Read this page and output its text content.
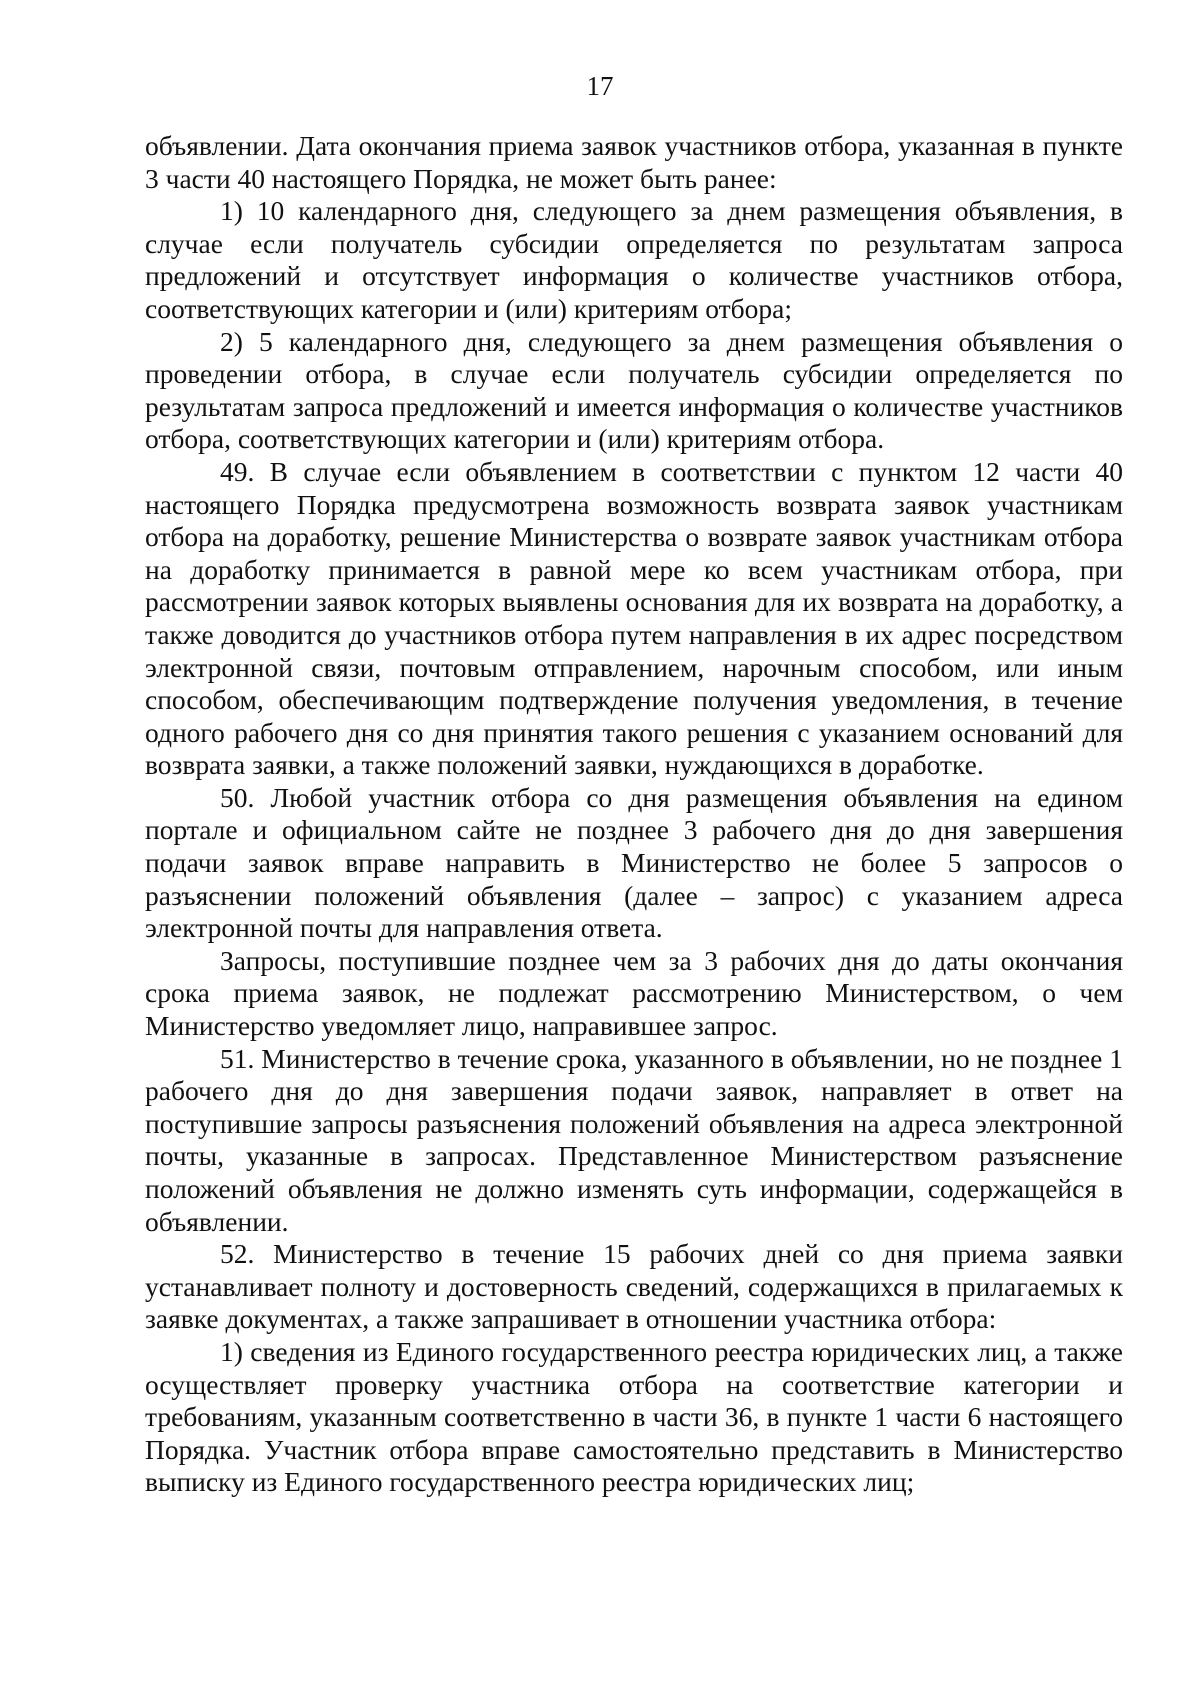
17

объявлении. Дата окончания приема заявок участников отбора, указанная в пункте 3 части 40 настоящего Порядка, не может быть ранее:

1) 10 календарного дня, следующего за днем размещения объявления, в случае если получатель субсидии определяется по результатам запроса предложений и отсутствует информация о количестве участников отбора, соответствующих категории и (или) критериям отбора;

2) 5 календарного дня, следующего за днем размещения объявления о проведении отбора, в случае если получатель субсидии определяется по результатам запроса предложений и имеется информация о количестве участников отбора, соответствующих категории и (или) критериям отбора.

49. В случае если объявлением в соответствии с пунктом 12 части 40 настоящего Порядка предусмотрена возможность возврата заявок участникам отбора на доработку, решение Министерства о возврате заявок участникам отбора на доработку принимается в равной мере ко всем участникам отбора, при рассмотрении заявок которых выявлены основания для их возврата на доработку, а также доводится до участников отбора путем направления в их адрес посредством электронной связи, почтовым отправлением, нарочным способом, или иным способом, обеспечивающим подтверждение получения уведомления, в течение одного рабочего дня со дня принятия такого решения с указанием оснований для возврата заявки, а также положений заявки, нуждающихся в доработке.

50. Любой участник отбора со дня размещения объявления на едином портале и официальном сайте не позднее 3 рабочего дня до дня завершения подачи заявок вправе направить в Министерство не более 5 запросов о разъяснении положений объявления (далее – запрос) с указанием адреса электронной почты для направления ответа.

Запросы, поступившие позднее чем за 3 рабочих дня до даты окончания срока приема заявок, не подлежат рассмотрению Министерством, о чем Министерство уведомляет лицо, направившее запрос.

51. Министерство в течение срока, указанного в объявлении, но не позднее 1 рабочего дня до дня завершения подачи заявок, направляет в ответ на поступившие запросы разъяснения положений объявления на адреса электронной почты, указанные в запросах. Представленное Министерством разъяснение положений объявления не должно изменять суть информации, содержащейся в объявлении.

52. Министерство в течение 15 рабочих дней со дня приема заявки устанавливает полноту и достоверность сведений, содержащихся в прилагаемых к заявке документах, а также запрашивает в отношении участника отбора:

1) сведения из Единого государственного реестра юридических лиц, а также осуществляет проверку участника отбора на соответствие категории и требованиям, указанным соответственно в части 36, в пункте 1 части 6 настоящего Порядка. Участник отбора вправе самостоятельно представить в Министерство выписку из Единого государственного реестра юридических лиц;
